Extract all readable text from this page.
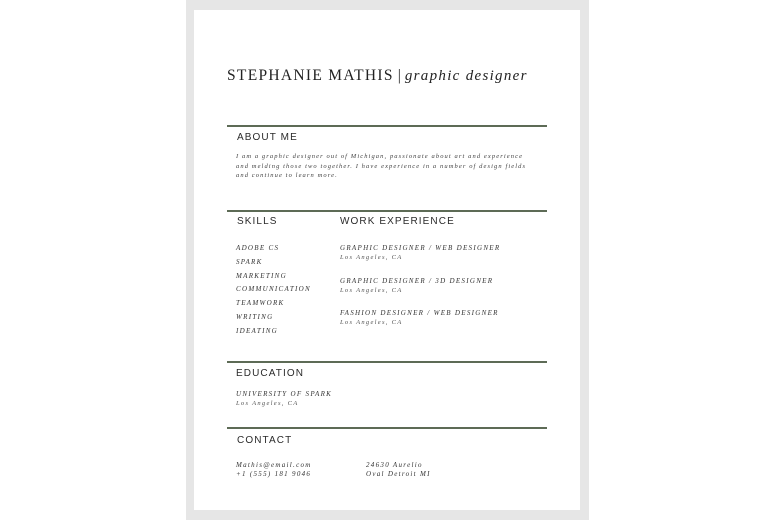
STEPHANIE MATHIS | graphic designer
ABOUT ME
I am a graphic designer out of Michigan, passionate about art and experience
and melding those two together. I have experience in a number of design fields
and continue to learn more.
SKILLS	WORK EXPERIENCE
ADOBE CS
SPARK
MARKETING
COMMUNICATION
TEAMWORK
WRITING
IDEATING
GRAPHIC DESIGNER / WEB DESIGNER
Los Angeles, CA
GRAPHIC DESIGNER / 3D DESIGNER
Los Angeles, CA
FASHION DESIGNER / WEB DESIGNER
Los Angeles, CA
EDUCATION
UNIVERSITY OF SPARK
Los Angeles, CA
CONTACT
Mathis@email.com
+1 (555) 181 9046
24630 Aurelio
Oval Detroit MI
